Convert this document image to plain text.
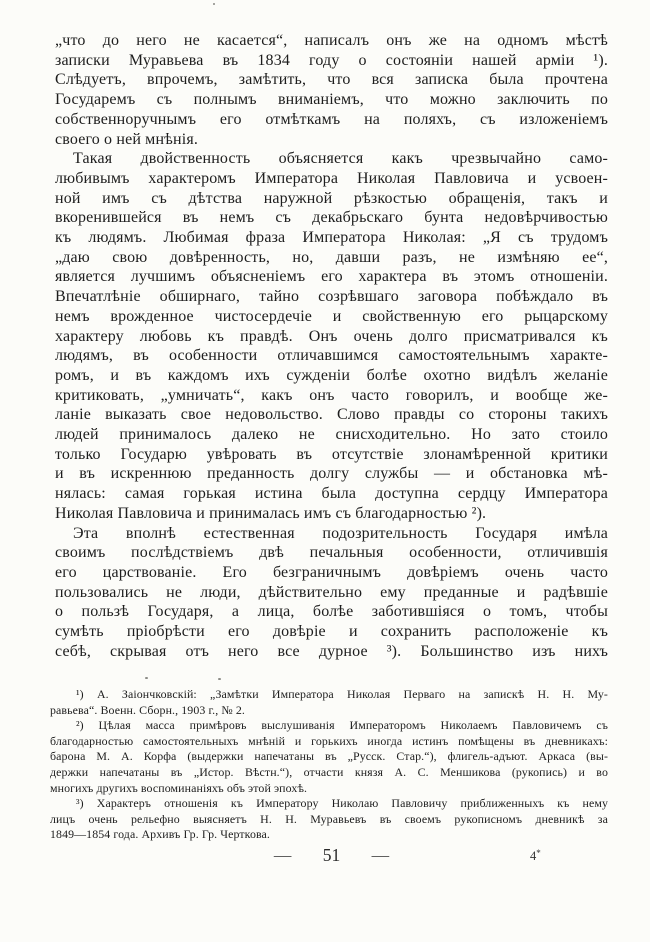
„что до него не касается“, написалъ онъ же на одномъ мѣстѣ
записки Муравьева въ 1834 году о состояніи нашей арміи ¹).
Слѣдуетъ, впрочемъ, замѣтить, что вся записка была прочтена
Государемъ съ полнымъ вниманіемъ, что можно заключить по
собственноручнымъ его отмѣткамъ на поляхъ, съ изложеніемъ
своего о ней мнѣнія.
Такая двойственность объясняется какъ чрезвычайно само-
любивымъ характеромъ Императора Николая Павловича и усвоен-
ной имъ съ дѣтства наружной рѣзкостью обращенія, такъ и
вкоренившейся въ немъ съ декабрьскаго бунта недовѣрчивостью
къ людямъ. Любимая фраза Императора Николая: „Я съ трудомъ
„даю свою довѣренность, но, давши разъ, не измѣняю ее“,
является лучшимъ объясненіемъ его характера въ этомъ отношеніи.
Впечатлѣніе обширнаго, тайно созрѣвшаго заговора побѣждало въ
немъ врожденное чистосердечіе и свойственную его рыцарскому
характеру любовь къ правдѣ. Онъ очень долго присматривался къ
людямъ, въ особенности отличавшимся самостоятельнымъ характе-
ромъ, и въ каждомъ ихъ сужденіи болѣе охотно видѣлъ желаніе
критиковать, „умничать“, какъ онъ часто говорилъ, и вообще же-
ланіе выказать свое недовольство. Слово правды со стороны такихъ
людей принималось далеко не снисходительно. Но зато стоило
только Государю увѣровать въ отсутствіе злонамѣренной критики
и въ искреннюю преданность долгу службы — и обстановка мѣ-
нялась: самая горькая истина была доступна сердцу Императора
Николая Павловича и принималась имъ съ благодарностью ²).
Эта вполнѣ естественная подозрительность Государя имѣла
своимъ послѣдствіемъ двѣ печальныя особенности, отличившія
его царствованіе. Его безграничнымъ довѣріемъ очень часто
пользовались не люди, дѣйствительно ему преданные и радѣвшіе
о пользѣ Государя, а лица, болѣе заботившіяся о томъ, чтобы
сумѣть пріобрѣсти его довѣріе и сохранить расположеніе къ
себѣ, скрывая отъ него все дурное ³). Большинство изъ нихъ
¹) А. Заіончковскій: „Замѣтки Императора Николая Перваго на запискѣ Н. Н. Му-
равьева“. Военн. Сборн., 1903 г., № 2.
²) Цѣлая масса примѣровъ выслушиванія Императоромъ Николаемъ Павловичемъ съ
благодарностью самостоятельныхъ мнѣній и горькихъ иногда истинъ помѣщены въ дневникахъ:
барона М. А. Корфа (выдержки напечатаны въ „Русск. Стар.“), флигель-адъют. Аркаса (вы-
держки напечатаны въ „Истор. Вѣстн.“), отчасти князя А. С. Меншикова (рукопись) и во
многихъ другихъ воспоминаніяхъ объ этой эпохѣ.
³) Характеръ отношенія къ Императору Николаю Павловичу приближенныхъ къ нему
лицъ очень рельефно выясняетъ Н. Н. Муравьевъ въ своемъ рукописномъ дневникѣ за
1849—1854 года. Архивъ Гр. Гр. Черткова.
— 51 —	4*
